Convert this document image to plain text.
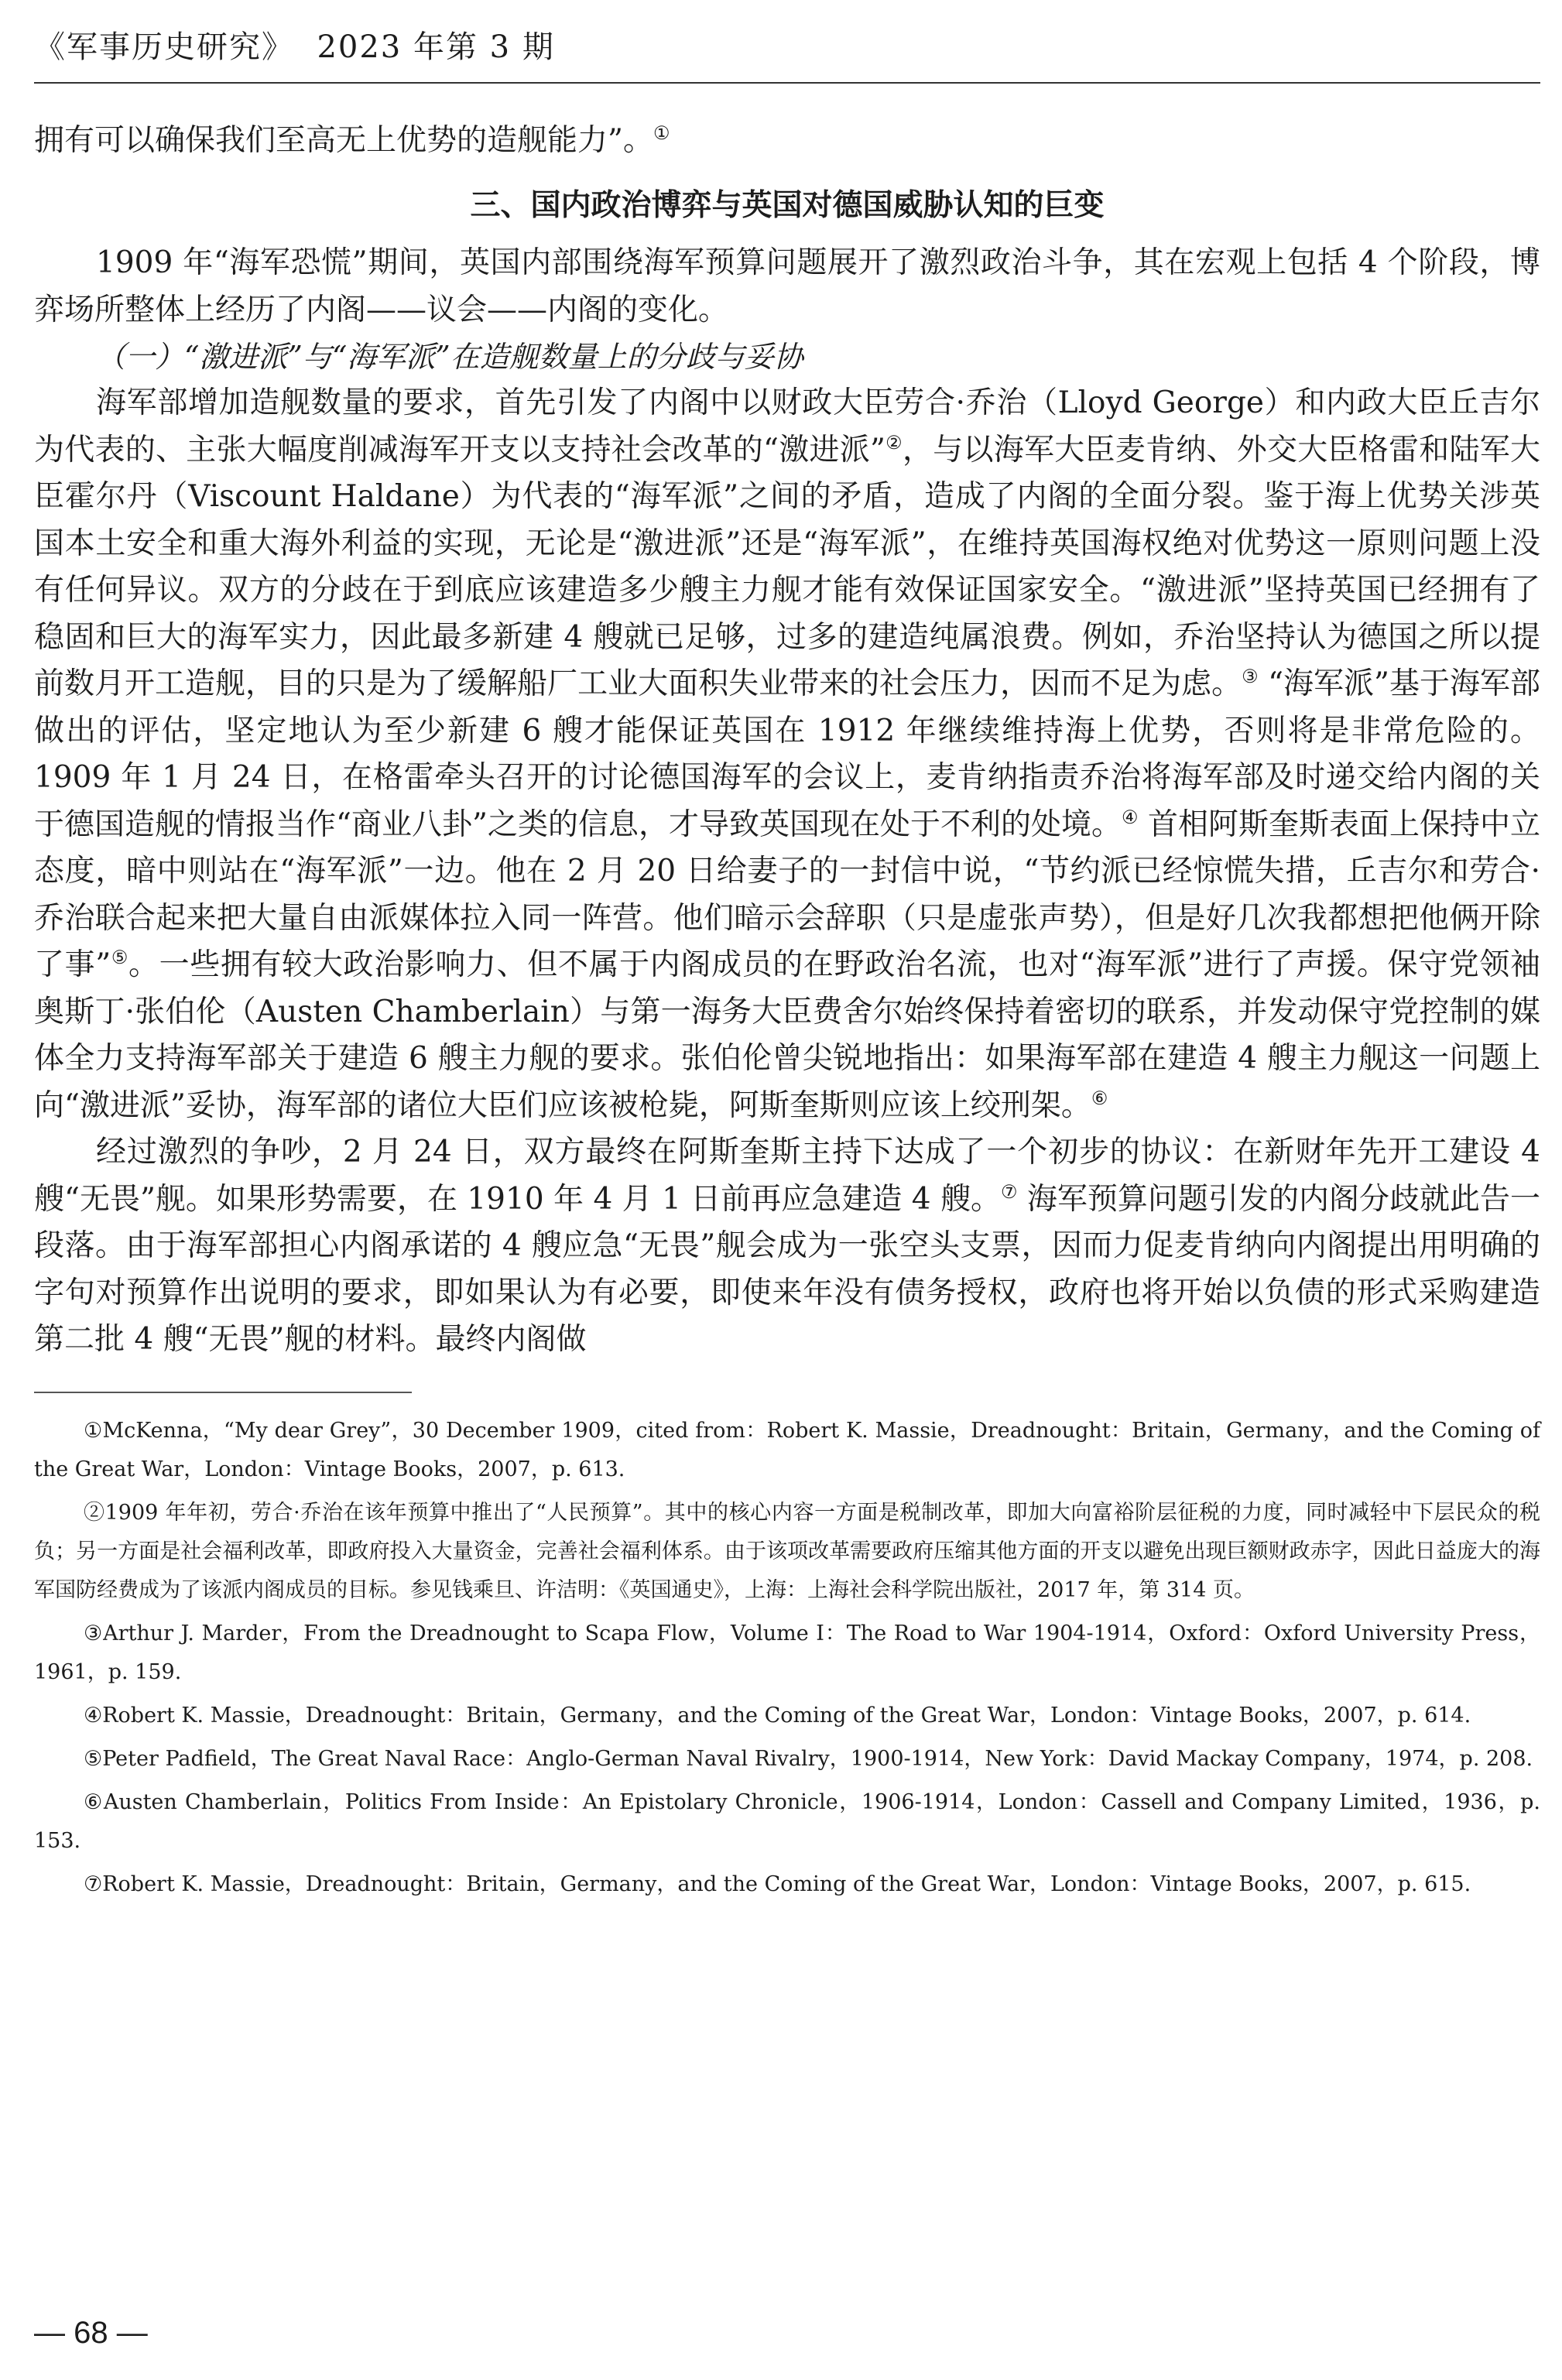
《军事历史研究》 2023 年第 3 期
拥有可以确保我们至高无上优势的造舰能力”。①
三、国内政治博弈与英国对德国威胁认知的巨变

1909 年“海军恐慌”期间，英国内部围绕海军预算问题展开了激烈政治斗争，其在宏观上包括 4 个阶段，博弈场所整体上经历了内阁——议会——内阁的变化。

（一）“激进派”与“海军派”在造舰数量上的分歧与妥协

海军部增加造舰数量的要求，首先引发了内阁中以财政大臣劳合·乔治（Lloyd George）和内政大臣丘吉尔为代表的、主张大幅度削减海军开支以支持社会改革的“激进派”②，与以海军大臣麦肯纳、外交大臣格雷和陆军大臣霍尔丹（Viscount Haldane）为代表的“海军派”之间的矛盾，造成了内阁的全面分裂。鉴于海上优势关涉英国本土安全和重大海外利益的实现，无论是“激进派”还是“海军派”，在维持英国海权绝对优势这一原则问题上没有任何异议。双方的分歧在于到底应该建造多少艘主力舰才能有效保证国家安全。“激进派”坚持英国已经拥有了稳固和巨大的海军实力，因此最多新建 4 艘就已足够，过多的建造纯属浪费。例如，乔治坚持认为德国之所以提前数月开工造舰，目的只是为了缓解船厂工业大面积失业带来的社会压力，因而不足为虑。③ “海军派”基于海军部做出的评估，坚定地认为至少新建 6 艘才能保证英国在 1912 年继续维持海上优势，否则将是非常危险的。1909 年 1 月 24 日，在格雷牵头召开的讨论德国海军的会议上，麦肯纳指责乔治将海军部及时递交给内阁的关于德国造舰的情报当作“商业八卦”之类的信息，才导致英国现在处于不利的处境。④ 首相阿斯奎斯表面上保持中立态度，暗中则站在“海军派”一边。他在 2 月 20 日给妻子的一封信中说，“节约派已经惊慌失措，丘吉尔和劳合·乔治联合起来把大量自由派媒体拉入同一阵营。他们暗示会辞职（只是虚张声势），但是好几次我都想把他俩开除了事”⑤。一些拥有较大政治影响力、但不属于内阁成员的在野政治名流，也对“海军派”进行了声援。保守党领袖奥斯丁·张伯伦（Austen Chamberlain）与第一海务大臣费舍尔始终保持着密切的联系，并发动保守党控制的媒体全力支持海军部关于建造 6 艘主力舰的要求。张伯伦曾尖锐地指出：如果海军部在建造 4 艘主力舰这一问题上向“激进派”妥协，海军部的诸位大臣们应该被枪毙，阿斯奎斯则应该上绞刑架。⑥

经过激烈的争吵，2 月 24 日，双方最终在阿斯奎斯主持下达成了一个初步的协议：在新财年先开工建设 4 艘“无畏”舰。如果形势需要，在 1910 年 4 月 1 日前再应急建造 4 艘。⑦ 海军预算问题引发的内阁分歧就此告一段落。由于海军部担心内阁承诺的 4 艘应急“无畏”舰会成为一张空头支票，因而力促麦肯纳向内阁提出用明确的字句对预算作出说明的要求，即如果认为有必要，即使来年没有债务授权，政府也将开始以负债的形式采购建造第二批 4 艘“无畏”舰的材料。最终内阁做

①McKenna，“My dear Grey”，30 December 1909，cited from：Robert K. Massie，Dreadnought：Britain，Germany，and the Coming of the Great War，London：Vintage Books，2007，p. 613.

②1909 年年初，劳合·乔治在该年预算中推出了“人民预算”。其中的核心内容一方面是税制改革，即加大向富裕阶层征税的力度，同时减轻中下层民众的税负；另一方面是社会福利改革，即政府投入大量资金，完善社会福利体系。由于该项改革需要政府压缩其他方面的开支以避免出现巨额财政赤字，因此日益庞大的海军国防经费成为了该派内阁成员的目标。参见钱乘旦、许洁明：《英国通史》，上海：上海社会科学院出版社，2017 年，第 314 页。

③Arthur J. Marder，From the Dreadnought to Scapa Flow，Volume I：The Road to War 1904-1914，Oxford：Oxford University Press，1961，p. 159.

④Robert K. Massie，Dreadnought：Britain，Germany，and the Coming of the Great War，London：Vintage Books，2007，p. 614.

⑤Peter Padfield，The Great Naval Race：Anglo-German Naval Rivalry，1900-1914，New York：David Mackay Company，1974，p. 208.

⑥Austen Chamberlain，Politics From Inside：An Epistolary Chronicle，1906-1914，London：Cassell and Company Limited，1936，p. 153.

⑦Robert K. Massie，Dreadnought：Britain，Germany，and the Coming of the Great War，London：Vintage Books，2007，p. 615.

— 68 —
